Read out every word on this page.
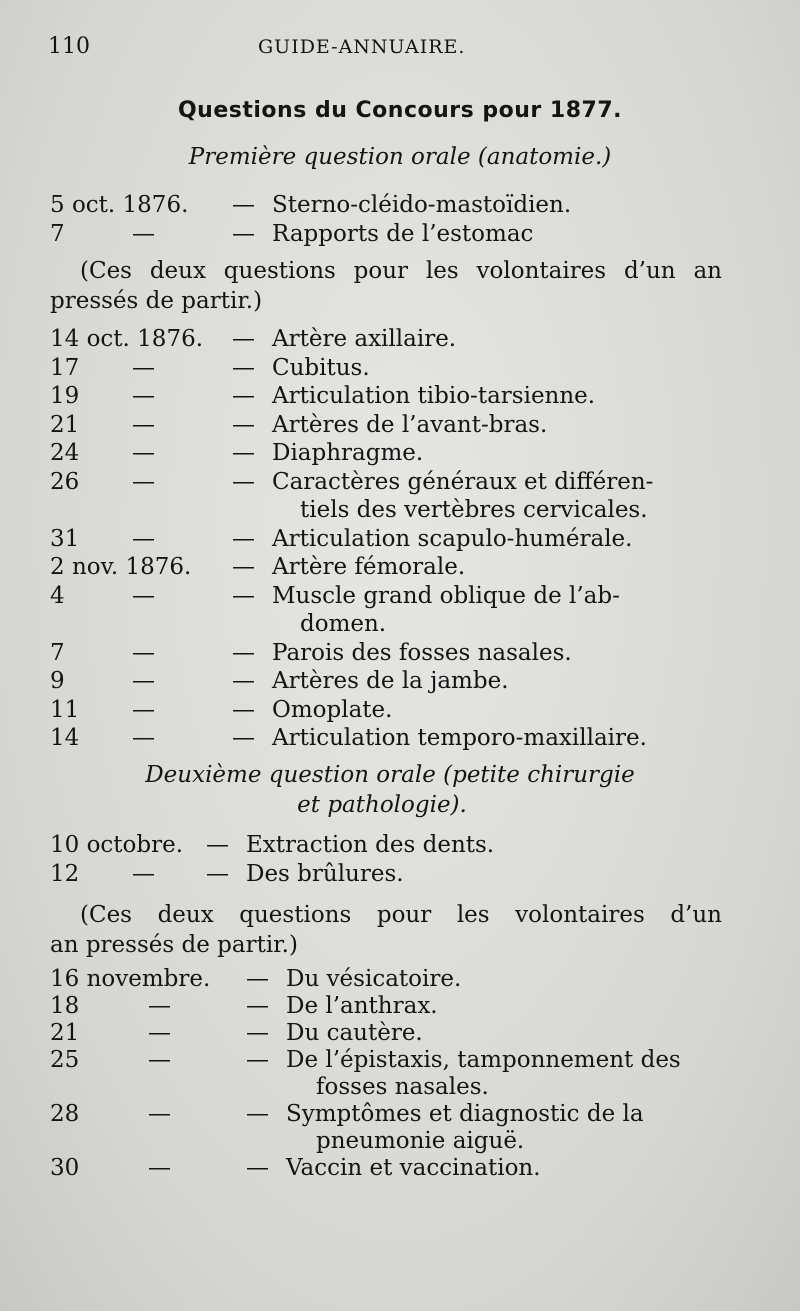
110	GUIDE-ANNUAIRE.
Questions du Concours pour 1877.
Première question orale (anatomie.)
5 oct. 1876. — Sterno-cléido-mastoïdien.
7	—	— Rapports de l’estomac
(Ces deux questions pour les volontaires d’un an
pressés de partir.)
14 oct. 1876. — Artère axillaire.
17 —	— Cubitus.
19 —	— Articulation tibio-tarsienne.
21 —	— Artères de l’avant-bras.
24 —	— Diaphragme.
26 —	— Caractères généraux et différen-
tiels des vertèbres cervicales.
31 —	— Articulation scapulo-humérale.
2 nov. 1876. — Artère fémorale.
4	—	— Muscle grand oblique de l’ab-
domen.
7	—	— Parois des fosses nasales.
9	—	— Artères de la jambe.
11 —	— Omoplate.
14 —	— Articulation temporo-maxillaire.
Deuxième question orale (petite chirurgie
et pathologie).
10 octobre. — Extraction des dents.
12 — — Des brûlures.
(Ces deux questions pour les volontaires d’un
an pressés de partir.)
16 novembre. — Du vésicatoire.
18	—	— De l’anthrax.
21	—	— Du cautère.
25	—	— De l’épistaxis, tamponnement des
fosses nasales.
28	—	— Symptômes et diagnostic de la
pneumonie aiguë.
30	—	— Vaccin et vaccination.
